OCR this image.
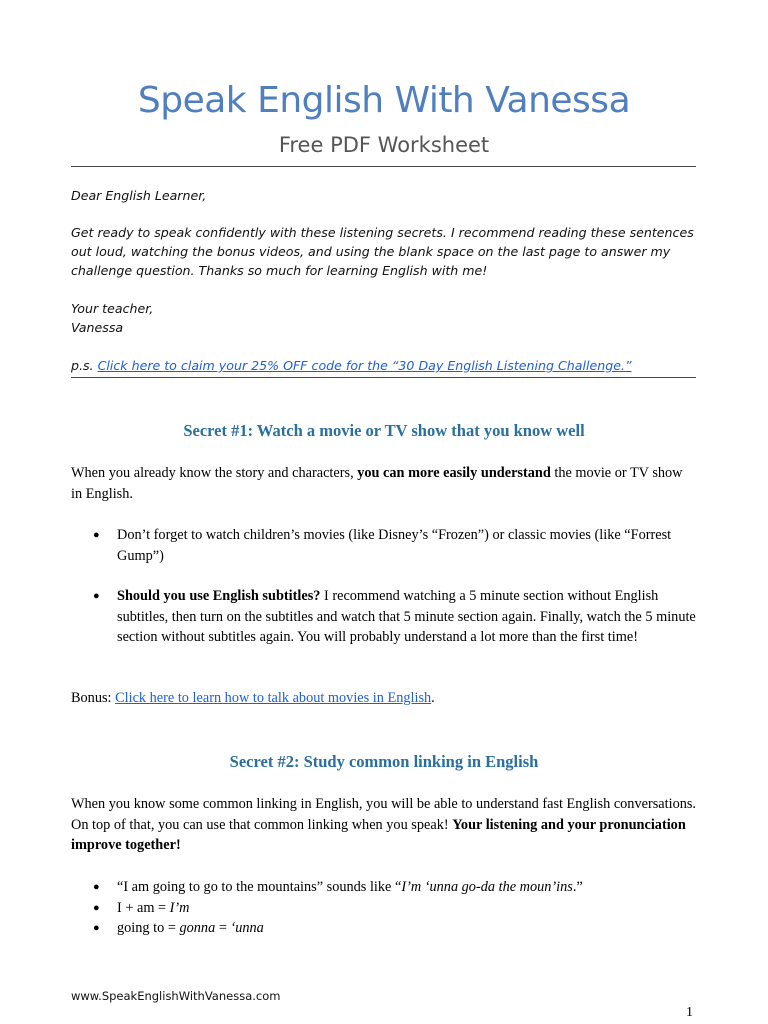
Speak English With Vanessa
Free PDF Worksheet

Dear English Learner,

Get ready to speak confidently with these listening secrets. I recommend reading these sentences out loud, watching the bonus videos, and using the blank space on the last page to answer my challenge question. Thanks so much for learning English with me!

Your teacher,

Vanessa

p.s. Click here to claim your 25% OFF code for the “30 Day English Listening Challenge.”

Secret #1: Watch a movie or TV show that you know well

When you already know the story and characters, you can more easily understand the movie or TV show in English.

● Don’t forget to watch children’s movies (like Disney’s “Frozen”) or classic movies (like “Forrest Gump”)
● Should you use English subtitles? I recommend watching a 5 minute section without English subtitles, then turn on the subtitles and watch that 5 minute section again. Finally, watch the 5 minute section without subtitles again. You will probably understand a lot more than the first time!

Bonus: Click here to learn how to talk about movies in English.

Secret #2: Study common linking in English

When you know some common linking in English, you will be able to understand fast English conversations. On top of that, you can use that common linking when you speak! Your listening and your pronunciation improve together!

● “I am going to go to the mountains” sounds like “I’m ‘unna go-da the moun’ins.”
● I + am = I’m
● going to = gonna = ‘unna
www.SpeakEnglishWithVanessa.com
1
